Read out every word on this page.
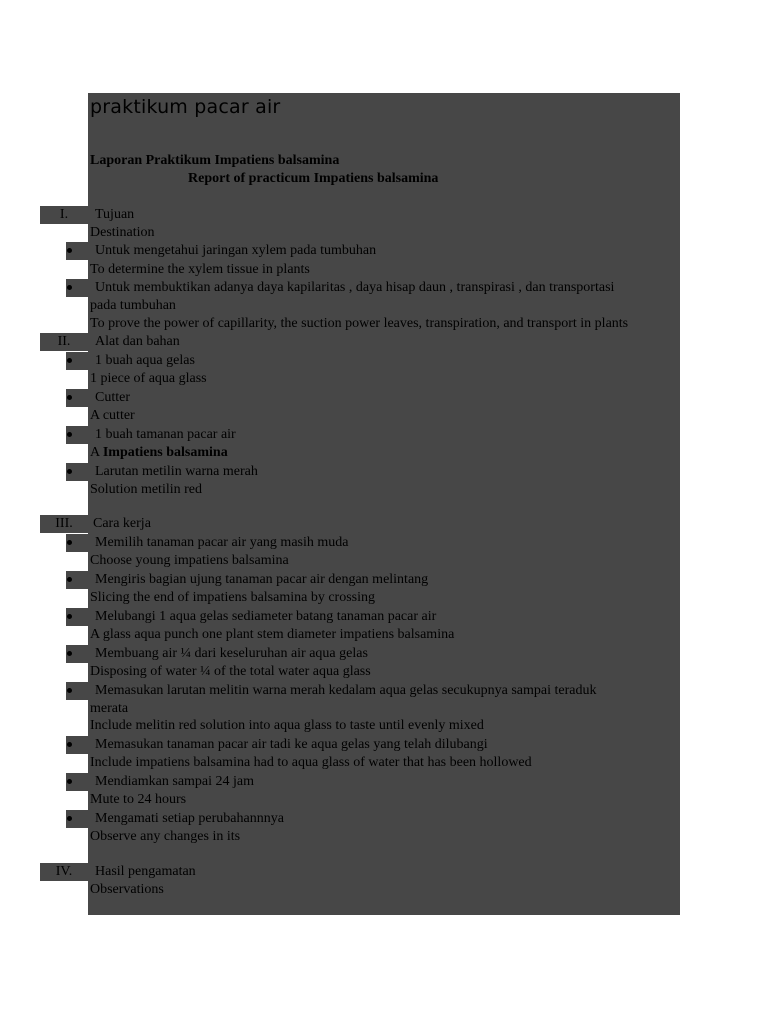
praktikum pacar air
Laporan Praktikum Impatiens balsamina
Report of practicum Impatiens balsamina
I.	Tujuan
Destination
Untuk mengetahui jaringan xylem pada tumbuhan
To determine the xylem tissue in plants
Untuk membuktikan adanya daya kapilaritas , daya hisap daun , transpirasi , dan transportasi
pada tumbuhan
To prove the power of capillarity, the suction power leaves, transpiration, and transport in plants
II.	Alat dan bahan
1 buah aqua gelas
1 piece of aqua glass
Cutter
A cutter
1 buah tamanan pacar air
A Impatiens balsamina
Larutan metilin warna merah
Solution metilin red
III.	Cara kerja
Memilih tanaman pacar air yang masih muda
Choose young impatiens balsamina
Mengiris bagian ujung tanaman pacar air dengan melintang
Slicing the end of impatiens balsamina by crossing
Melubangi 1 aqua gelas sediameter batang tanaman pacar air
A glass aqua punch one plant stem diameter impatiens balsamina
Membuang air ¼ dari keseluruhan air aqua gelas
Disposing of water ¼ of the total water aqua glass
Memasukan larutan melitin warna merah kedalam aqua gelas secukupnya sampai teraduk
merata
Include melitin red solution into aqua glass to taste until evenly mixed
Memasukan tanaman pacar air tadi ke aqua gelas yang telah dilubangi
Include impatiens balsamina had to aqua glass of water that has been hollowed
Mendiamkan sampai 24 jam
Mute to 24 hours
Mengamati setiap perubahannnya
Observe any changes in its
IV.	Hasil pengamatan
Observations
